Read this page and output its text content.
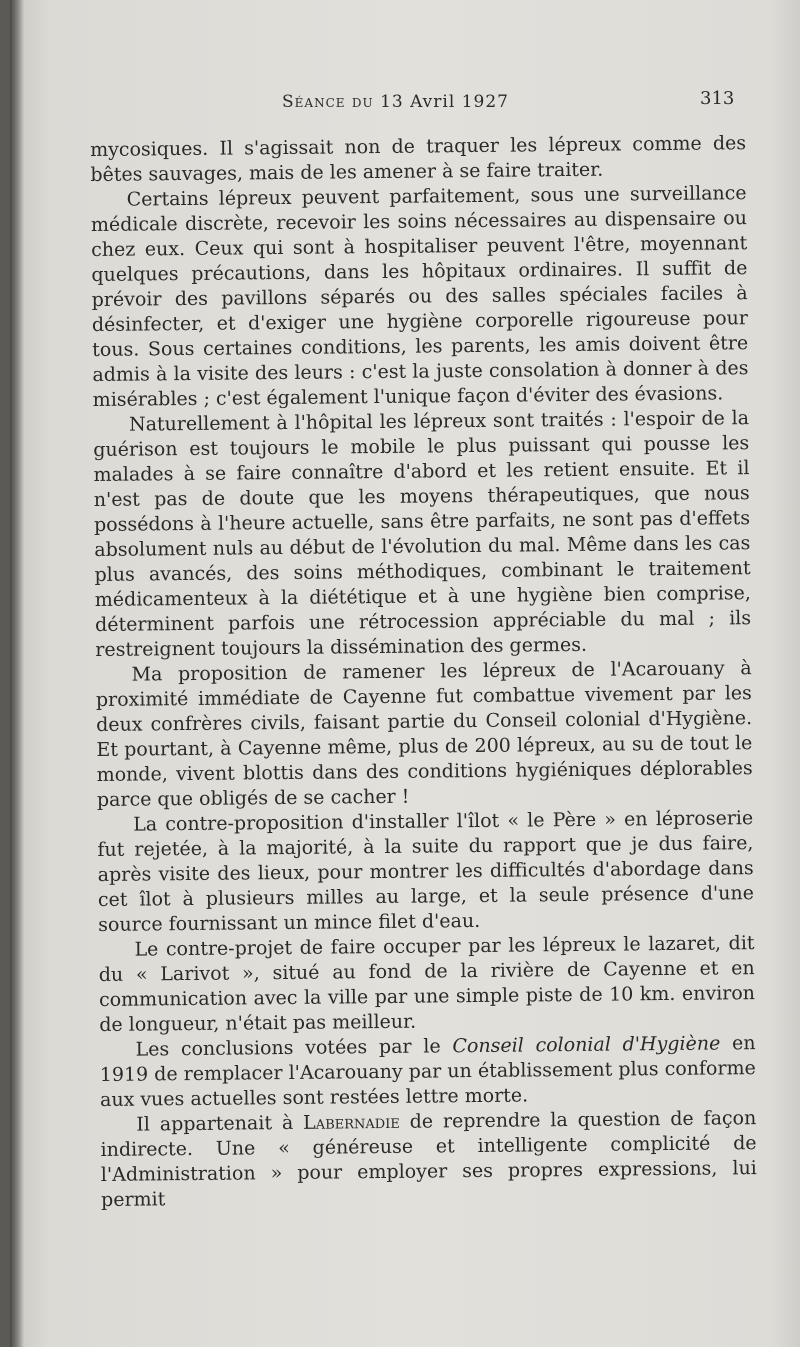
Séance du 13 Avril 1927	313

mycosiques. Il s'agissait non de traquer les lépreux comme des bêtes sauvages, mais de les amener à se faire traiter.

Certains lépreux peuvent parfaitement, sous une surveillance médicale discrète, recevoir les soins nécessaires au dispensaire ou chez eux. Ceux qui sont à hospitaliser peuvent l'être, moyennant quelques précautions, dans les hôpitaux ordinaires. Il suffit de prévoir des pavillons séparés ou des salles spéciales faciles à désinfecter, et d'exiger une hygiène corporelle rigoureuse pour tous. Sous certaines conditions, les parents, les amis doivent être admis à la visite des leurs : c'est la juste consolation à donner à des misérables ; c'est également l'unique façon d'éviter des évasions.

Naturellement à l'hôpital les lépreux sont traités : l'espoir de la guérison est toujours le mobile le plus puissant qui pousse les malades à se faire connaître d'abord et les retient ensuite. Et il n'est pas de doute que les moyens thérapeutiques, que nous possédons à l'heure actuelle, sans être parfaits, ne sont pas d'effets absolument nuls au début de l'évolution du mal. Même dans les cas plus avancés, des soins méthodiques, combinant le traitement médicamenteux à la diététique et à une hygiène bien comprise, déterminent parfois une rétrocession appréciable du mal ; ils restreignent toujours la dissémination des germes.

Ma proposition de ramener les lépreux de l'Acarouany à proximité immédiate de Cayenne fut combattue vivement par les deux confrères civils, faisant partie du Conseil colonial d'Hygiène. Et pourtant, à Cayenne même, plus de 200 lépreux, au su de tout le monde, vivent blottis dans des conditions hygiéniques déplorables parce que obligés de se cacher !

La contre-proposition d'installer l'îlot « le Père » en léproserie fut rejetée, à la majorité, à la suite du rapport que je dus faire, après visite des lieux, pour montrer les difficultés d'abordage dans cet îlot à plusieurs milles au large, et la seule présence d'une source fournissant un mince filet d'eau.

Le contre-projet de faire occuper par les lépreux le lazaret, dit du « Larivot », situé au fond de la rivière de Cayenne et en communication avec la ville par une simple piste de 10 km. environ de longueur, n'était pas meilleur.

Les conclusions votées par le Conseil colonial d'Hygiène en 1919 de remplacer l'Acarouany par un établissement plus conforme aux vues actuelles sont restées lettre morte.

Il appartenait à Labernadie de reprendre la question de façon indirecte. Une « généreuse et intelligente complicité de l'Administration » pour employer ses propres expressions, lui permit
